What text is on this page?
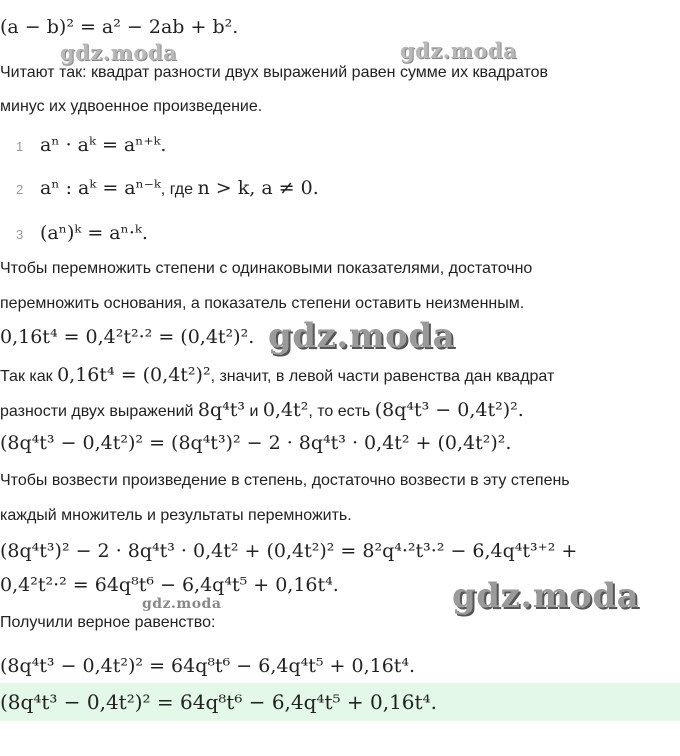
(a − b)² = a² − 2ab + b².
gdz.moda	gdz.moda
Читают так: квадрат разности двух выражений равен сумме их квадратов
минус их удвоенное произведение.
1 aⁿ · aᵏ = aⁿ⁺ᵏ.
2 aⁿ : aᵏ = aⁿ⁻ᵏ, где n > k, a ≠ 0.
3 (aⁿ)ᵏ = aⁿ·ᵏ.
Чтобы перемножить степени с одинаковыми показателями, достаточно
перемножить основания, а показатель степени оставить неизменным.
0,16t⁴ = 0,4²t²·² = (0,4t²)². gdz.moda
Так как 0,16t⁴ = (0,4t²)², значит, в левой части равенства дан квадрат
разности двух выражений 8q⁴t³ и 0,4t², то есть (8q⁴t³ − 0,4t²)².
(8q⁴t³ − 0,4t²)² = (8q⁴t³)² − 2 · 8q⁴t³ · 0,4t² + (0,4t²)².
Чтобы возвести произведение в степень, достаточно возвести в эту степень
каждый множитель и результаты перемножить.
(8q⁴t³)² − 2 · 8q⁴t³ · 0,4t² + (0,4t²)² = 8²q⁴·²t³·² − 6,4q⁴t³⁺² +
0,4²t²·² = 64q⁸t⁶ − 6,4q⁴t⁵ + 0,16t⁴.	gdz.moda
gdz.moda
Получили верное равенство:
(8q⁴t³ − 0,4t²)² = 64q⁸t⁶ − 6,4q⁴t⁵ + 0,16t⁴.
(8q⁴t³ − 0,4t²)² = 64q⁸t⁶ − 6,4q⁴t⁵ + 0,16t⁴.
